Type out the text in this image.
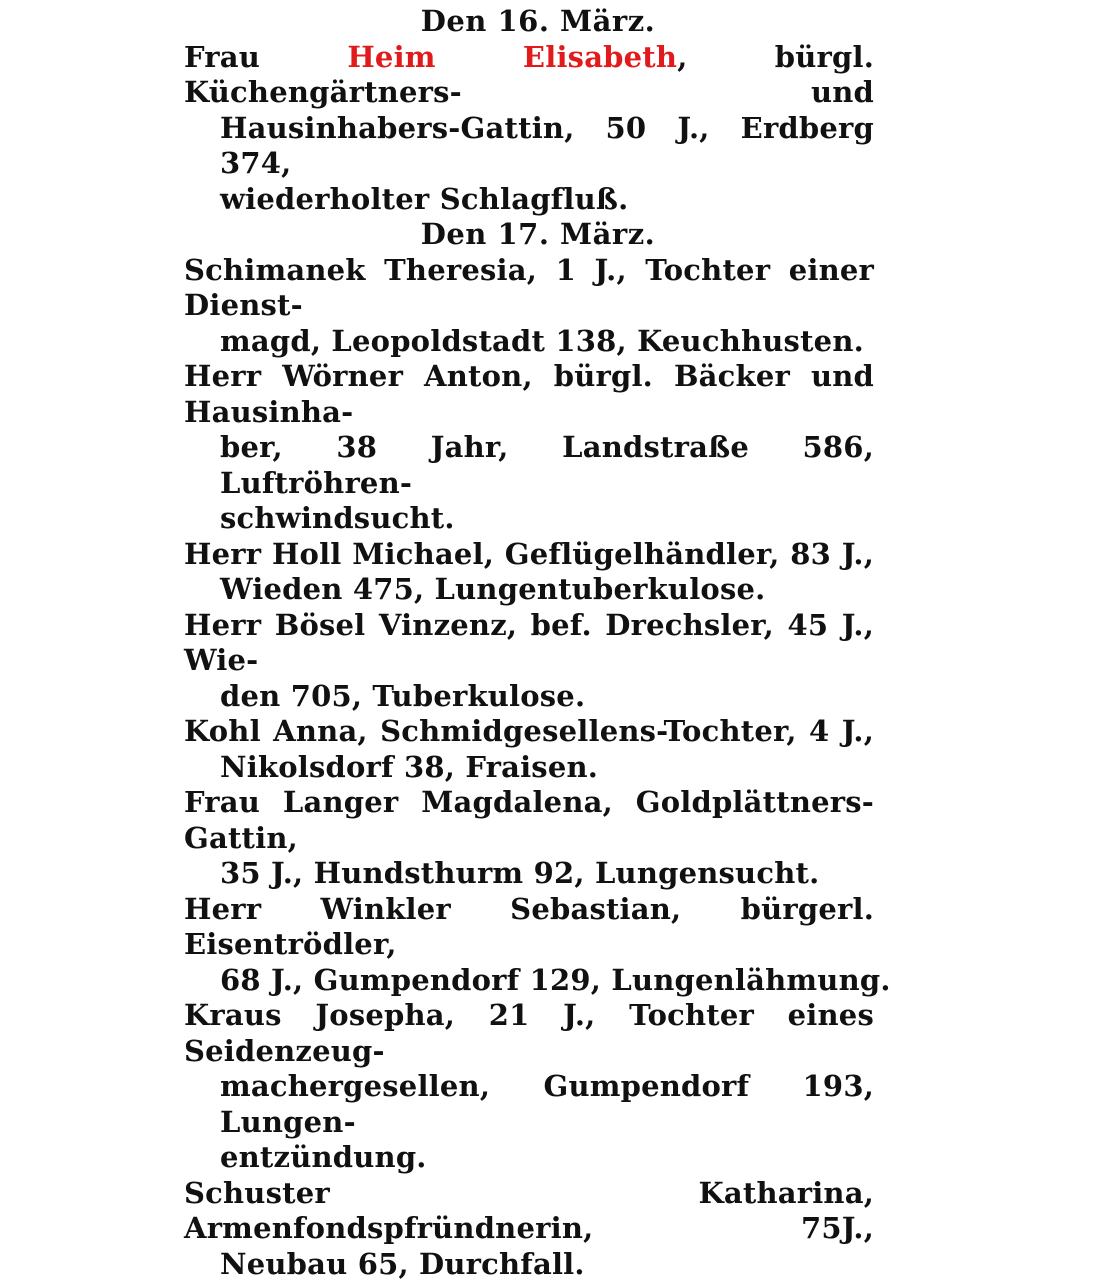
Den 16. März.
Frau Heim Elisabeth, bürgl. Küchengärtners- und
Hausinhabers-Gattin, 50 J., Erdberg 374,
wiederholter Schlagfluß.
Den 17. März.
Schimanek Theresia, 1 J., Tochter einer Dienst-
magd, Leopoldstadt 138, Keuchhusten.
Herr Wörner Anton, bürgl. Bäcker und Hausinha-
ber, 38 Jahr, Landstraße 586, Luftröhren-
schwindsucht.
Herr Holl Michael, Geflügelhändler, 83 J.,
Wieden 475, Lungentuberkulose.
Herr Bösel Vinzenz, bef. Drechsler, 45 J., Wie-
den 705, Tuberkulose.
Kohl Anna, Schmidgesellens-Tochter, 4 J.,
Nikolsdorf 38, Fraisen.
Frau Langer Magdalena, Goldplättners-Gattin,
35 J., Hundsthurm 92, Lungensucht.
Herr Winkler Sebastian, bürgerl. Eisentrödler,
68 J., Gumpendorf 129, Lungenlähmung.
Kraus Josepha, 21 J., Tochter eines Seidenzeug-
machergesellen, Gumpendorf 193, Lungen-
entzündung.
Schuster Katharina, Armenfondspfründnerin, 75J.,
Neubau 65, Durchfall.
